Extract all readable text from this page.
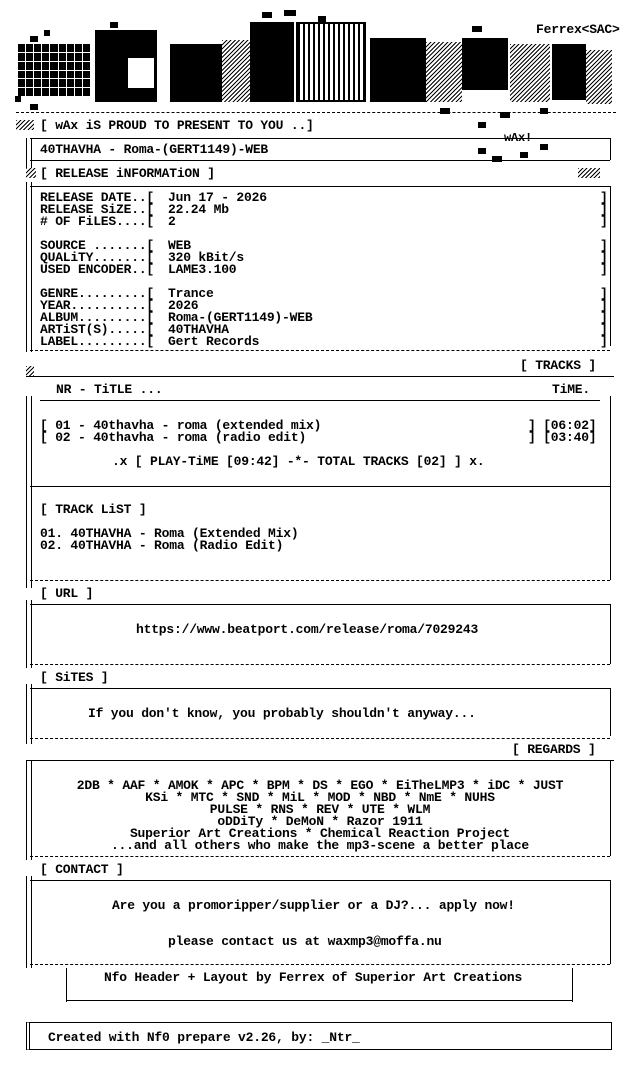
Ferrex<SAC>
[ wAx iS PROUD TO PRESENT TO YOU ..]
wAx!
40THAVHA - Roma-(GERT1149)-WEB
[ RELEASE iNFORMATiON ]
RELEASE DATE..[ Jun 17 - 2026	]
RELEASE SiZE..[ 22.24 Mb	]
# OF FiLES....[ 2	]
SOURCE .......[ WEB	]
QUALiTY.......[ 320 kBit/s	]
USED ENCODER..[ LAME3.100	]
GENRE.........[ Trance	]
YEAR..........[ 2026	]
ALBUM.........[ Roma-(GERT1149)-WEB	]
ARTiST(S).....[ 40THAVHA	]
LABEL.........[ Gert Records	]
[ TRACKS ]
NR - TiTLE ...	TiME.
[ 01 - 40thavha - roma (extended mix)	] [06:02]
[ 02 - 40thavha - roma (radio edit)	] [03:40]
.x [ PLAY-TiME [09:42] -*- TOTAL TRACKS [02] ] x.
[ TRACK LiST ]
01. 40THAVHA - Roma (Extended Mix)
02. 40THAVHA - Roma (Radio Edit)
[ URL ]
https://www.beatport.com/release/roma/7029243
[ SiTES ]
If you don't know, you probably shouldn't anyway...
[ REGARDS ]
2DB * AAF * AMOK * APC * BPM * DS * EGO * EiTheLMP3 * iDC * JUST
KSi * MTC * SND * MiL * MOD * NBD * NmE * NUHS
PULSE * RNS * REV * UTE * WLM
oDDiTy * DeMoN * Razor 1911
Superior Art Creations * Chemical Reaction Project
...and all others who make the mp3-scene a better place
[ CONTACT ]
Are you a promoripper/supplier or a DJ?... apply now!
please contact us at waxmp3@moffa.nu
Nfo Header + Layout by Ferrex of Superior Art Creations
Created with Nf0 prepare v2.26, by: _Ntr_
